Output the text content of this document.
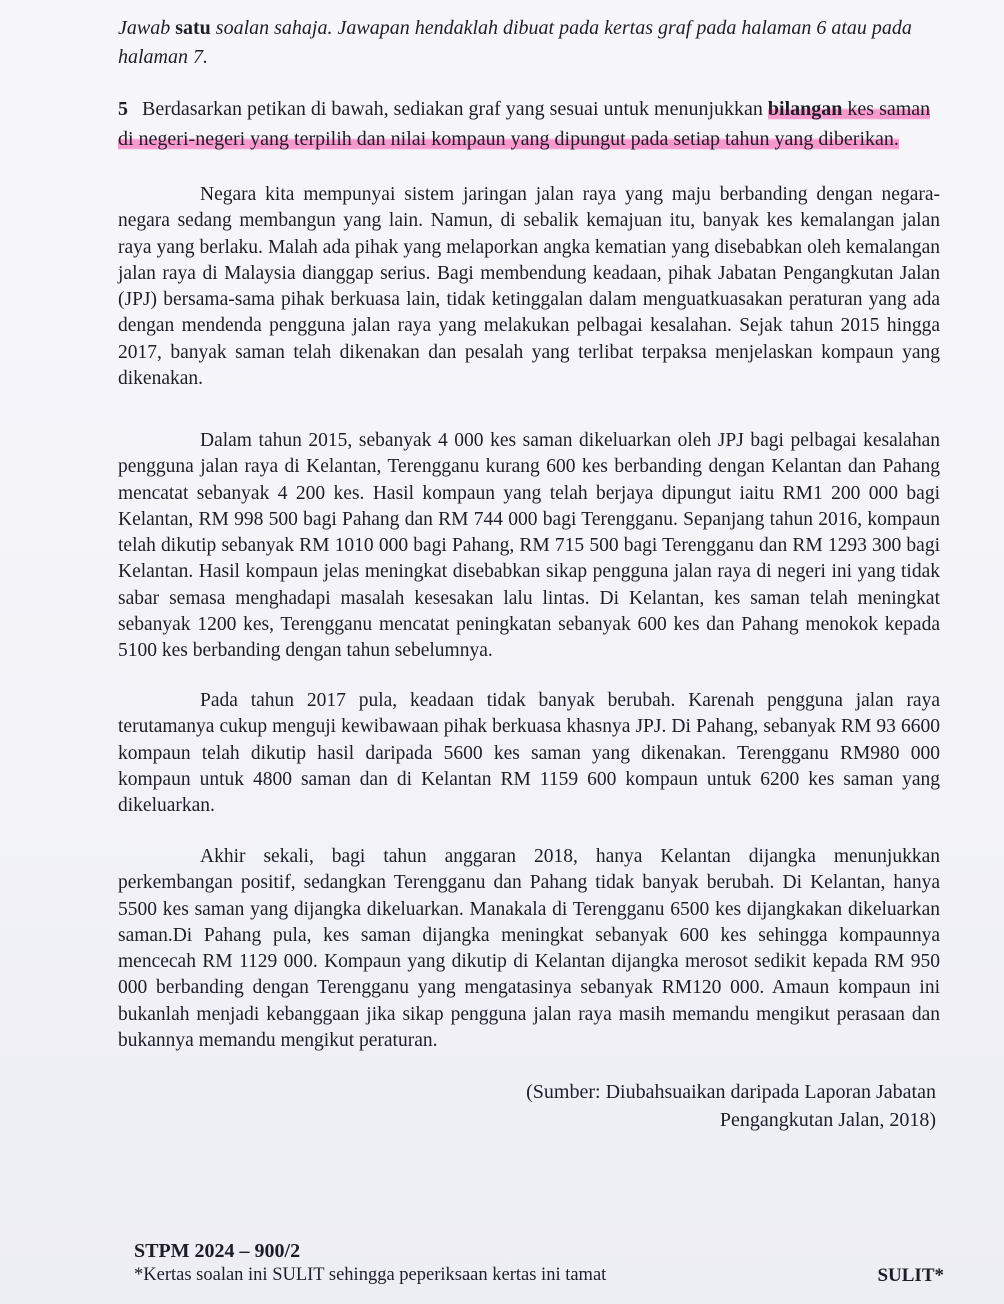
Jawab satu soalan sahaja. Jawapan hendaklah dibuat pada kertas graf pada halaman 6 atau pada halaman 7.
5 Berdasarkan petikan di bawah, sediakan graf yang sesuai untuk menunjukkan bilangan kes saman di negeri-negeri yang terpilih dan nilai kompaun yang dipungut pada setiap tahun yang diberikan.

Negara kita mempunyai sistem jaringan jalan raya yang maju berbanding dengan negara-negara sedang membangun yang lain. Namun, di sebalik kemajuan itu, banyak kes kemalangan jalan raya yang berlaku. Malah ada pihak yang melaporkan angka kematian yang disebabkan oleh kemalangan jalan raya di Malaysia dianggap serius. Bagi membendung keadaan, pihak Jabatan Pengangkutan Jalan (JPJ) bersama-sama pihak berkuasa lain, tidak ketinggalan dalam menguatkuasakan peraturan yang ada dengan mendenda pengguna jalan raya yang melakukan pelbagai kesalahan. Sejak tahun 2015 hingga 2017, banyak saman telah dikenakan dan pesalah yang terlibat terpaksa menjelaskan kompaun yang dikenakan.

Dalam tahun 2015, sebanyak 4 000 kes saman dikeluarkan oleh JPJ bagi pelbagai kesalahan pengguna jalan raya di Kelantan, Terengganu kurang 600 kes berbanding dengan Kelantan dan Pahang mencatat sebanyak 4 200 kes. Hasil kompaun yang telah berjaya dipungut iaitu RM1 200 000 bagi Kelantan, RM 998 500 bagi Pahang dan RM 744 000 bagi Terengganu. Sepanjang tahun 2016, kompaun telah dikutip sebanyak RM 1010 000 bagi Pahang, RM 715 500 bagi Terengganu dan RM 1293 300 bagi Kelantan. Hasil kompaun jelas meningkat disebabkan sikap pengguna jalan raya di negeri ini yang tidak sabar semasa menghadapi masalah kesesakan lalu lintas. Di Kelantan, kes saman telah meningkat sebanyak 1200 kes, Terengganu mencatat peningkatan sebanyak 600 kes dan Pahang menokok kepada 5100 kes berbanding dengan tahun sebelumnya.

Pada tahun 2017 pula, keadaan tidak banyak berubah. Karenah pengguna jalan raya terutamanya cukup menguji kewibawaan pihak berkuasa khasnya JPJ. Di Pahang, sebanyak RM 93 6600 kompaun telah dikutip hasil daripada 5600 kes saman yang dikenakan. Terengganu RM980 000 kompaun untuk 4800 saman dan di Kelantan RM 1159 600 kompaun untuk 6200 kes saman yang dikeluarkan.

Akhir sekali, bagi tahun anggaran 2018, hanya Kelantan dijangka menunjukkan perkembangan positif, sedangkan Terengganu dan Pahang tidak banyak berubah. Di Kelantan, hanya 5500 kes saman yang dijangka dikeluarkan. Manakala di Terengganu 6500 kes dijangkakan dikeluarkan saman.Di Pahang pula, kes saman dijangka meningkat sebanyak 600 kes sehingga kompaunnya mencecah RM 1129 000. Kompaun yang dikutip di Kelantan dijangka merosot sedikit kepada RM 950 000 berbanding dengan Terengganu yang mengatasinya sebanyak RM120 000. Amaun kompaun ini bukanlah menjadi kebanggaan jika sikap pengguna jalan raya masih memandu mengikut perasaan dan bukannya memandu mengikut peraturan.

(Sumber: Diubahsuaikan daripada Laporan Jabatan
Pengangkutan Jalan, 2018)
STPM 2024 – 900/2
*Kertas soalan ini SULIT sehingga peperiksaan kertas ini tamat	SULIT*
